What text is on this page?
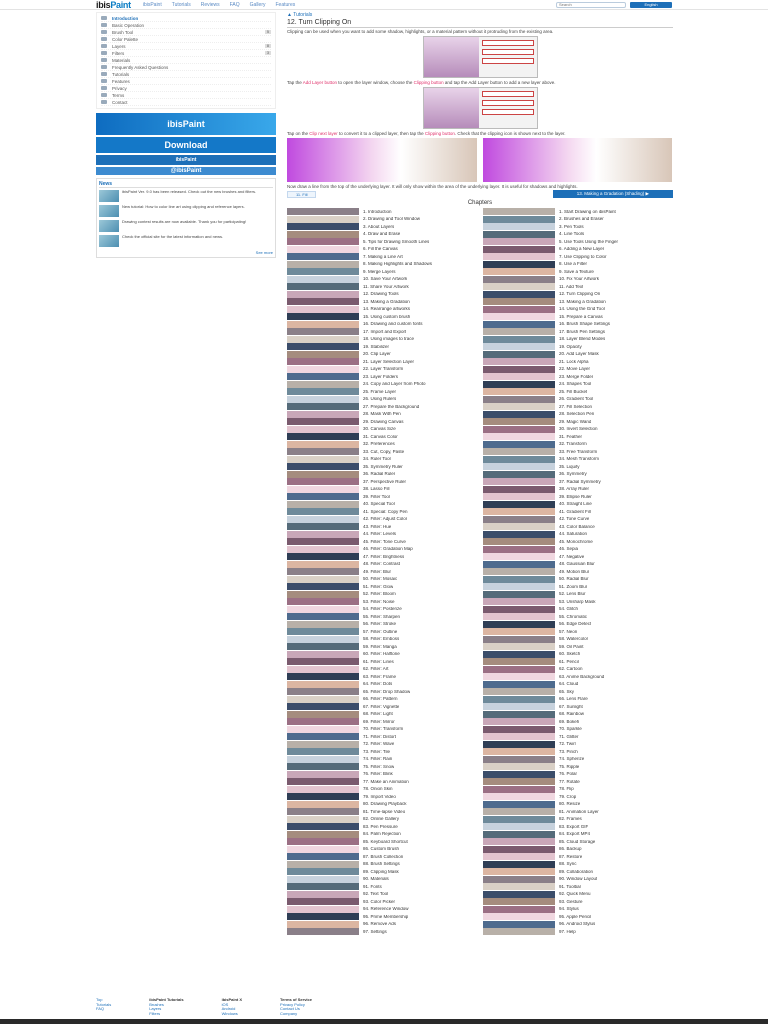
ibisPaint ibisPaint Tutorials Reviews FAQ Gallery Features
Search	English
Introduction
Basic Operation
Brush Tool	5
Color Palette
Layers	8
Filters	3
Materials
Frequently Asked Questions
Tutorials
Features
Privacy
Terms
Contact
ibisPaint
Download
ibisPaint
@ibisPaint
News
ibisPaint Ver. 9.0 has been released. Check out the new brushes and filters.
New tutorial: How to color line art using clipping and reference layers.
Drawing contest results are now available. Thank you for participating!
Check the official site for the latest information and news.
See more
▲ Tutorials
12. Turn Clipping On
Clipping can be used when you want to add some shadow, highlights, or a material pattern without it protruding from the existing area.
Tap the Add Layer button to open the layer window, choose the Clipping button and tap the Add Layer button to add a new layer above.
Tap on the Clip next layer to convert it to a clipped layer, then tap the Clipping button. Check that the clipping icon is shown next to the layer.
Now draw a line from the top of the underlying layer. It will only show within the area of the underlying layer. It is useful for shadows and highlights.
11. Fill	13. Making a Gradation (Shading) ▶
Chapters
1. Introduction	1. Start Drawing on ibisPaint
2. Drawing and Tool Window	2. Brushes and Eraser
3. About Layers	3. Pen Tools
4. Draw and Erase	4. Line Tools
5. Tips for Drawing Smooth Lines	5. Use Tools Using the Finger
6. Fill the Canvas	6. Adding a New Layer
7. Making a Line Art	7. Use Clipping to Color
8. Making Highlights and Shadows	8. Use a Filter
9. Merge Layers	9. Save a Texture
10. Save Your Artwork	10. Fix Your Artwork
11. Share Your Artwork	11. Add Text
12. Drawing Tools	12. Turn Clipping On
13. Making a Gradation	13. Making a Gradation
14. Rearrange artworks	14. Using the Grid Tool
15. Using custom brush	15. Prepare a Canvas
16. Drawing and custom fonts	16. Brush Shape Settings
17. Import and Export	17. Brush Pen Settings
18. Using images to trace	18. Layer Blend Modes
19. Stabilizer	19. Opacity
20. Clip Layer	20. Add Layer Mask
21. Layer Selection Layer	21. Lock Alpha
22. Layer Transform	22. Move Layer
23. Layer Folders	23. Merge Folder
24. Copy and Layer from Photo	24. Shapes Tool
25. Frame Layer	25. Fill Bucket
26. Using Rulers	26. Gradient Tool
27. Prepare the Background	27. Fill Selection
28. Mask With Pen	28. Selection Pen
29. Drawing Canvas	29. Magic Wand
30. Canvas Size	30. Invert Selection
31. Canvas Color	31. Feather
32. Preferences	32. Transform
33. Cut, Copy, Paste	33. Free Transform
34. Ruler Tool	34. Mesh Transform
35. Symmetry Ruler	35. Liquify
36. Radial Ruler	36. Symmetry
37. Perspective Ruler	37. Radial Symmetry
38. Lasso Fill	38. Array Ruler
39. Filter Tool	39. Ellipse Ruler
40. Special Tool	40. Straight Line
41. Special: Copy Pen	41. Gradient Fill
42. Filter: Adjust Color	42. Tone Curve
43. Filter: Hue	43. Color Balance
44. Filter: Levels	44. Saturation
45. Filter: Tone Curve	45. Monochrome
46. Filter: Gradation Map	46. Sepia
47. Filter: Brightness	47. Negative
48. Filter: Contrast	48. Gaussian Blur
49. Filter: Blur	49. Motion Blur
50. Filter: Mosaic	50. Radial Blur
51. Filter: Glow	51. Zoom Blur
52. Filter: Bloom	52. Lens Blur
53. Filter: Noise	53. Unsharp Mask
54. Filter: Posterize	54. Glitch
55. Filter: Sharpen	55. Chromatic
56. Filter: Stroke	56. Edge Detect
57. Filter: Outline	57. Neon
58. Filter: Emboss	58. Watercolor
59. Filter: Manga	59. Oil Paint
60. Filter: Halftone	60. Sketch
61. Filter: Lines	61. Pencil
62. Filter: Art	62. Cartoon
63. Filter: Frame	63. Anime Background
64. Filter: Dots	64. Cloud
65. Filter: Drop Shadow	65. Sky
66. Filter: Pattern	66. Lens Flare
67. Filter: Vignette	67. Sunlight
68. Filter: Light	68. Rainbow
69. Filter: Mirror	69. Bokeh
70. Filter: Transform	70. Sparkle
71. Filter: Distort	71. Glitter
72. Filter: Wave	72. Twirl
73. Filter: Tile	73. Pinch
74. Filter: Rain	74. Spherize
75. Filter: Snow	75. Ripple
76. Filter: Blink	76. Polar
77. Make an Animation	77. Rotate
78. Onion Skin	78. Flip
79. Import Video	79. Crop
80. Drawing Playback	80. Resize
81. Time-lapse Video	81. Animation Layer
82. Online Gallery	82. Frames
83. Pen Pressure	83. Export GIF
84. Palm Rejection	84. Export MP4
85. Keyboard Shortcut	85. Cloud Storage
86. Custom Brush	86. Backup
87. Brush Collection	87. Restore
88. Brush Settings	88. Sync
89. Clipping Mask	89. Collaboration
90. Materials	90. Window Layout
91. Fonts	91. Toolbar
92. Text Tool	92. Quick Menu
93. Color Picker	93. Gesture
94. Reference Window	94. Stylus
95. Prime Membership	95. Apple Pencil
96. Remove Ads	96. Android Stylus
97. Settings	97. Help
Top
Tutorials
FAQ
ibisPaint Tutorials
Brushes
Layers
Filters
ibisPaint X
iOS
Android
Windows
Terms of Service
Privacy Policy
Contact Us
Company
